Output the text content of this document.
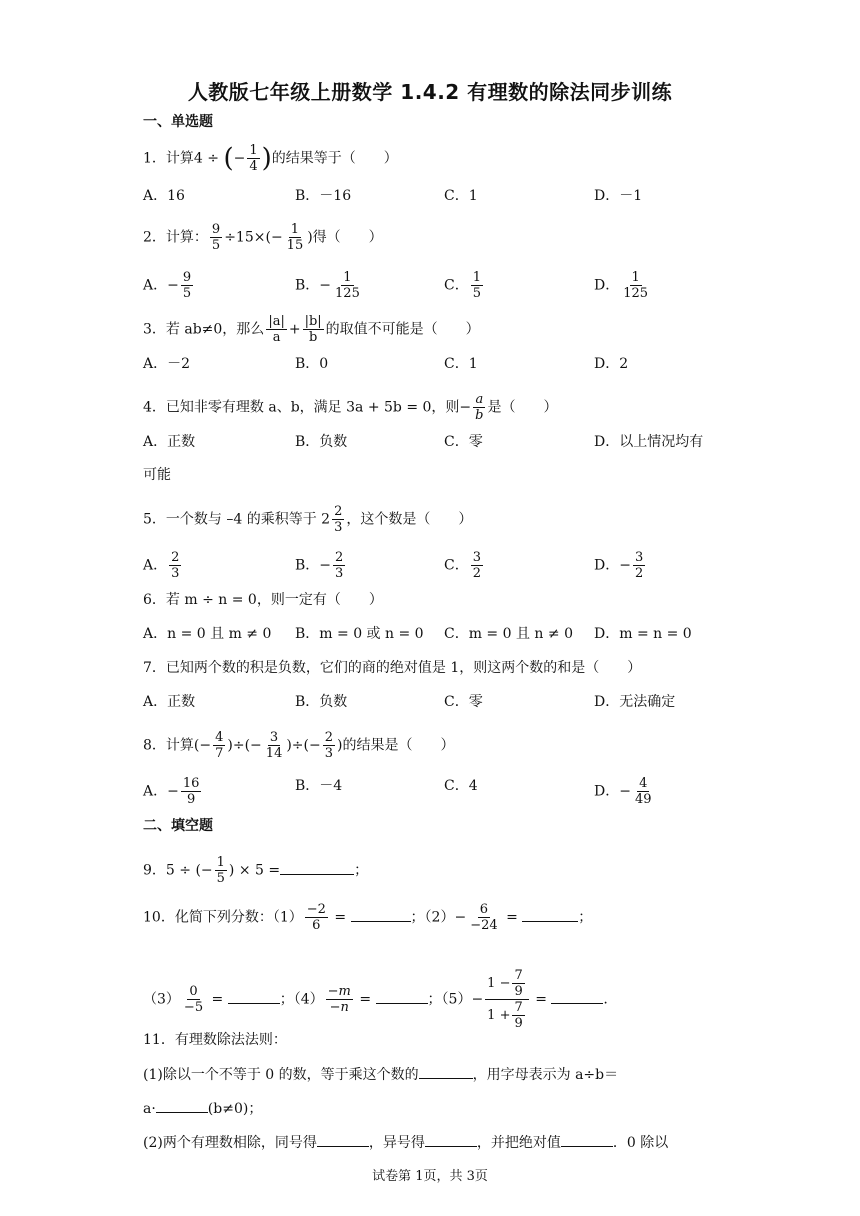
人教版七年级上册数学 1.4.2 有理数的除法同步训练
一、单选题
1．计算4 ÷ (− $\frac{1}{4}$ )的结果等于（　　）
A．16	B．－16	C．1	D．－1
2．计算： $\frac{9}{5} \div 15\times(- \frac{1}{15}$ )得（　　）
A．− $\frac{9}{5}$	B．− $\frac{1}{125}$	C． $\frac{1}{5}$	D． $\frac{1}{125}$
3．若 ab≠0，那么 $\frac{|a|}{a} + \frac{|b|}{b}$ 的取值不可能是（　　）
A．－2	B．0	C．1	D．2
4．已知非零有理数 a、b，满足 3a + 5b = 0，则− $\frac{a}{b}$ 是（　　）
A．正数	B．负数	C．零	D．以上情况均有
可能
5．一个数与 –4 的乘积等于 $2 \frac{2}{3}$ ，这个数是（　　）
A． $\frac{2}{3}$	B．− $\frac{2}{3}$	C． $\frac{3}{2}$	D．− $\frac{3}{2}$
6．若 m ÷ n = 0，则一定有（　　）
A．n = 0 且 m ≠ 0 B．m = 0 或 n = 0 C．m = 0 且 n ≠ 0 D．m = n = 0
7．已知两个数的积是负数，它们的商的绝对值是 1，则这两个数的和是（　　）
A．正数	B．负数	C．零	D．无法确定
8．计算(− $\frac{4}{7}$ )÷(− $\frac{3}{14}$ )÷(− $\frac{2}{3}$ )的结果是（　　）
A．− $\frac{16}{9}$	B．－4	C．4	D．− $\frac{4}{49}$
二、填空题
9．5 ÷ (− $\frac{1}{5}$ ) × 5 =	；
10．化简下列分数：$(1) \frac{-2}{6}$ =	；$(2)- \frac{6}{-24}$ =	；
$(3) \frac{0}{-5}$ =	；$(4) \frac{-m}{-n}$ =	；$(5)- \frac{1 - \frac{7}{9}}{1 + \frac{7}{9}}$ =	.
11．有理数除法法则：
(1)除以一个不等于 0 的数，等于乘这个数的	，用字母表示为 a÷b＝
a·	(b≠0)；
(2)两个有理数相除，同号得	，异号得	，并把绝对值	．0 除以
试卷第 1页，共 3页
